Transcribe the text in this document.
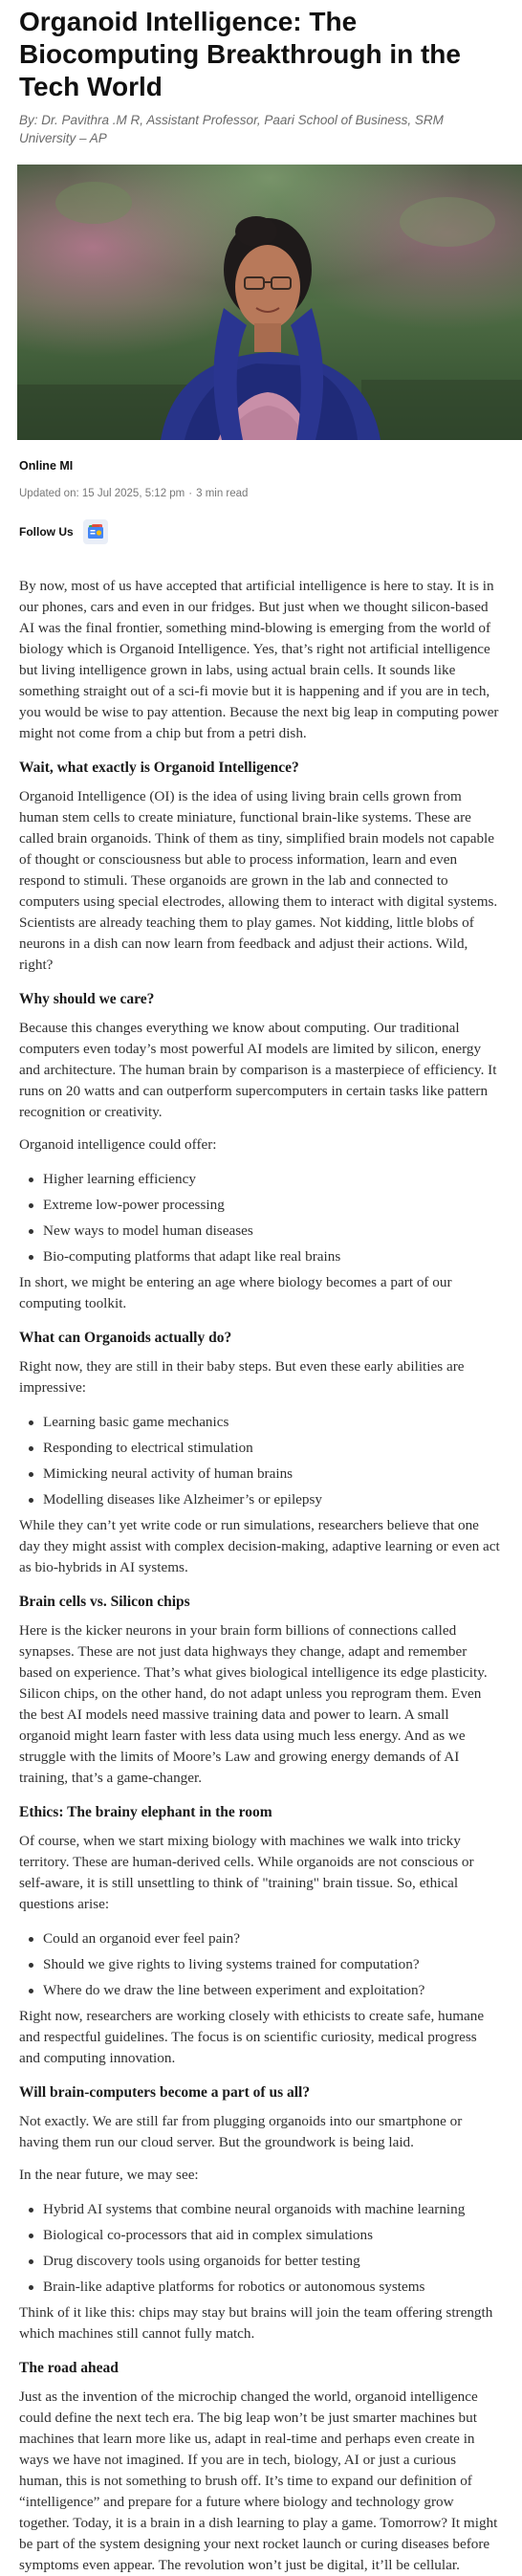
Organoid Intelligence: The Biocomputing Breakthrough in the Tech World
By: Dr. Pavithra .M R, Assistant Professor, Paari School of Business, SRM University – AP
Online MI
Updated on: 15 Jul 2025, 5:12 pm · 3 min read
Follow Us

By now, most of us have accepted that artificial intelligence is here to stay. It is in our phones, cars and even in our fridges. But just when we thought silicon-based AI was the final frontier, something mind-blowing is emerging from the world of biology which is Organoid Intelligence. Yes, that’s right not artificial intelligence but living intelligence grown in labs, using actual brain cells. It sounds like something straight out of a sci-fi movie but it is happening and if you are in tech, you would be wise to pay attention. Because the next big leap in computing power might not come from a chip but from a petri dish.

Wait, what exactly is Organoid Intelligence?

Organoid Intelligence (OI) is the idea of using living brain cells grown from human stem cells to create miniature, functional brain-like systems. These are called brain organoids. Think of them as tiny, simplified brain models not capable of thought or consciousness but able to process information, learn and even respond to stimuli. These organoids are grown in the lab and connected to computers using special electrodes, allowing them to interact with digital systems. Scientists are already teaching them to play games. Not kidding, little blobs of neurons in a dish can now learn from feedback and adjust their actions. Wild, right?

Why should we care?

Because this changes everything we know about computing. Our traditional computers even today’s most powerful AI models are limited by silicon, energy and architecture. The human brain by comparison is a masterpiece of efficiency. It runs on 20 watts and can outperform supercomputers in certain tasks like pattern recognition or creativity.

Organoid intelligence could offer:

Higher learning efficiency
Extreme low-power processing
New ways to model human diseases
Bio-computing platforms that adapt like real brains

In short, we might be entering an age where biology becomes a part of our computing toolkit.

What can Organoids actually do?

Right now, they are still in their baby steps. But even these early abilities are impressive:

Learning basic game mechanics
Responding to electrical stimulation
Mimicking neural activity of human brains
Modelling diseases like Alzheimer’s or epilepsy

While they can’t yet write code or run simulations, researchers believe that one day they might assist with complex decision-making, adaptive learning or even act as bio-hybrids in AI systems.

Brain cells vs. Silicon chips

Here is the kicker neurons in your brain form billions of connections called synapses. These are not just data highways they change, adapt and remember based on experience. That’s what gives biological intelligence its edge plasticity. Silicon chips, on the other hand, do not adapt unless you reprogram them. Even the best AI models need massive training data and power to learn. A small organoid might learn faster with less data using much less energy. And as we struggle with the limits of Moore’s Law and growing energy demands of AI training, that’s a game-changer.

Ethics: The brainy elephant in the room

Of course, when we start mixing biology with machines we walk into tricky territory. These are human-derived cells. While organoids are not conscious or self-aware, it is still unsettling to think of "training" brain tissue. So, ethical questions arise:

Could an organoid ever feel pain?
Should we give rights to living systems trained for computation?
Where do we draw the line between experiment and exploitation?

Right now, researchers are working closely with ethicists to create safe, humane and respectful guidelines. The focus is on scientific curiosity, medical progress and computing innovation.

Will brain-computers become a part of us all?

Not exactly. We are still far from plugging organoids into our smartphone or having them run our cloud server. But the groundwork is being laid.

In the near future, we may see:

Hybrid AI systems that combine neural organoids with machine learning
Biological co-processors that aid in complex simulations
Drug discovery tools using organoids for better testing
Brain-like adaptive platforms for robotics or autonomous systems

Think of it like this: chips may stay but brains will join the team offering strength which machines still cannot fully match.

The road ahead

Just as the invention of the microchip changed the world, organoid intelligence could define the next tech era. The big leap won’t be just smarter machines but machines that learn more like us, adapt in real-time and perhaps even create in ways we have not imagined. If you are in tech, biology, AI or just a curious human, this is not something to brush off. It’s time to expand our definition of “intelligence” and prepare for a future where biology and technology grow together. Today, it is a brain in a dish learning to play a game. Tomorrow? It might be part of the system designing your next rocket launch or curing diseases before symptoms even appear. The revolution won’t just be digital, it’ll be cellular.
